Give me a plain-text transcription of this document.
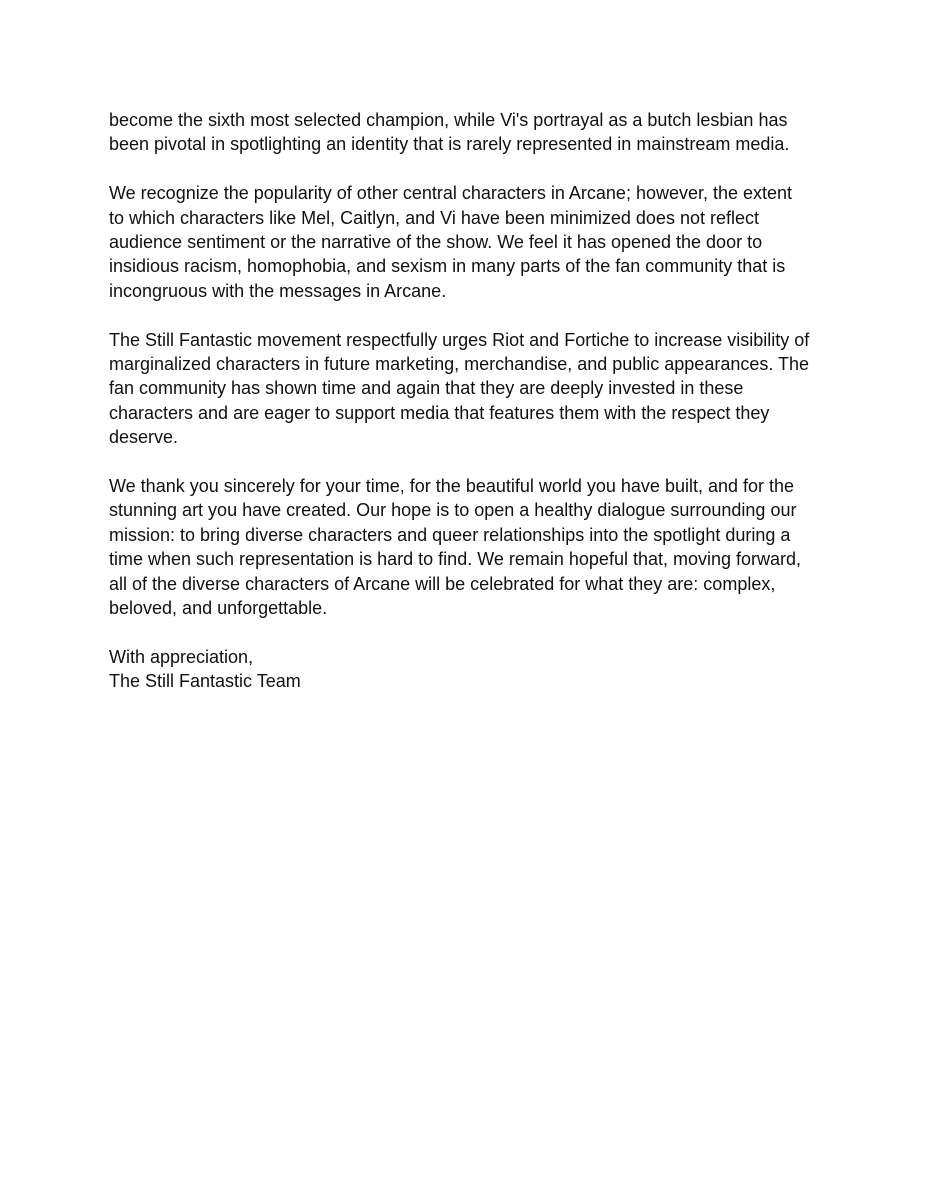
become the sixth most selected champion, while Vi's portrayal as a butch lesbian has
been pivotal in spotlighting an identity that is rarely represented in mainstream media.

We recognize the popularity of other central characters in Arcane; however, the extent
to which characters like Mel, Caitlyn, and Vi have been minimized does not reflect
audience sentiment or the narrative of the show. We feel it has opened the door to
insidious racism, homophobia, and sexism in many parts of the fan community that is
incongruous with the messages in Arcane.

The Still Fantastic movement respectfully urges Riot and Fortiche to increase visibility of
marginalized characters in future marketing, merchandise, and public appearances. The
fan community has shown time and again that they are deeply invested in these
characters and are eager to support media that features them with the respect they
deserve.

We thank you sincerely for your time, for the beautiful world you have built, and for the
stunning art you have created. Our hope is to open a healthy dialogue surrounding our
mission: to bring diverse characters and queer relationships into the spotlight during a
time when such representation is hard to find. We remain hopeful that, moving forward,
all of the diverse characters of Arcane will be celebrated for what they are: complex,
beloved, and unforgettable.

With appreciation,
The Still Fantastic Team
